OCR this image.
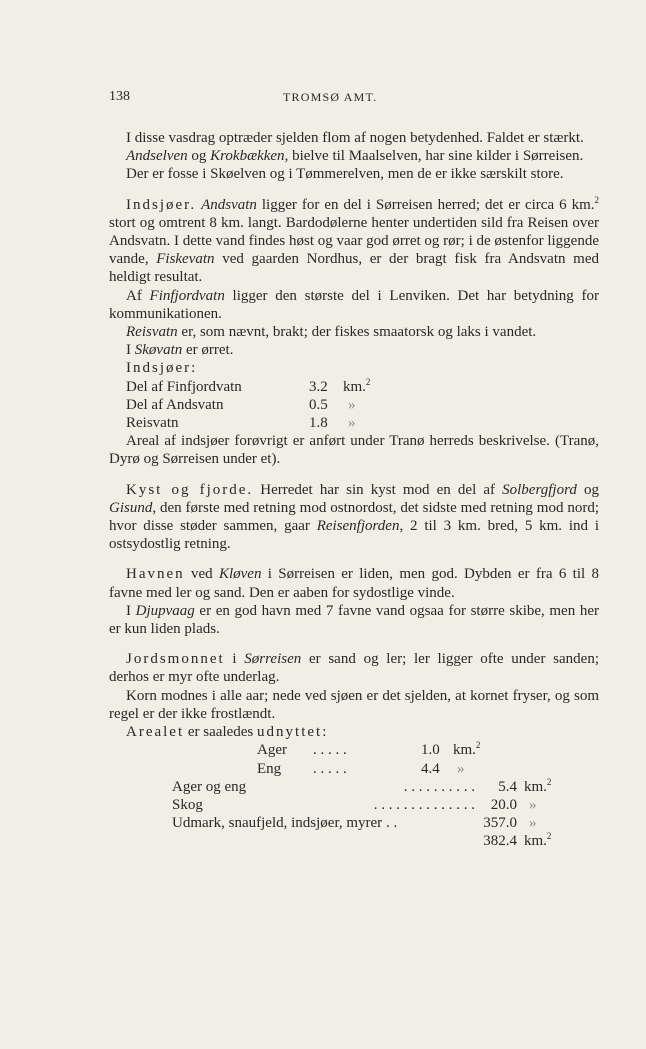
138	TROMSØ AMT.

I disse vasdrag optræder sjelden flom af nogen betydenhed. Faldet er stærkt.

Andselven og Krokbækken, bielve til Maalselven, har sine kilder i Sørreisen.

Der er fosse i Skøelven og i Tømmerelven, men de er ikke særskilt store.

Indsjøer. Andsvatn ligger for en del i Sørreisen herred; det er circa 6 km.$^2$ stort og omtrent 8 km. langt. Bardodølerne henter undertiden sild fra Reisen over Andsvatn. I dette vand findes høst og vaar god ørret og rør; i de østenfor liggende vande, Fiskevatn ved gaarden Nordhus, er der bragt fisk fra Andsvatn med heldigt resultat.

Af Finfjordvatn ligger den største del i Lenviken. Det har betydning for kommunikationen.

Reisvatn er, som nævnt, brakt; der fiskes smaatorsk og laks i vandet.

I Skøvatn er ørret.

Indsjøer:

Del af Finfjordvatn	3.2	km.$^2$
Del af Andsvatn	0.5	»
Reisvatn	1.8	»

Areal af indsjøer forøvrigt er anført under Tranø herreds beskrivelse. (Tranø, Dyrø og Sørreisen under et).

Kyst og fjorde. Herredet har sin kyst mod en del af Solbergfjord og Gisund, den første med retning mod ostnordost, det sidste med retning mod nord; hvor disse støder sammen, gaar Reisenfjorden, 2 til 3 km. bred, 5 km. ind i ostsydostlig retning.

Havnen ved Kløven i Sørreisen er liden, men god. Dybden er fra 6 til 8 favne med ler og sand. Den er aaben for sydostlige vinde.

I Djupvaag er en god havn med 7 favne vand ogsaa for større skibe, men her er kun liden plads.

Jordsmonnet i Sørreisen er sand og ler; ler ligger ofte under sanden; derhos er myr ofte underlag.

Korn modnes i alle aar; nede ved sjøen er det sjelden, at kornet fryser, og som regel er der ikke frostlændt.

Arealet er saaledes udnyttet:

Ager	. . . . .	1.0	km.$^2$
Eng	. . . . .	4.4	»
Ager og eng	. . . . . . . . . .	5.4	km.$^2$
Skog	. . . . . . . . . . . . . .	20.0	»
Udmark, snaufjeld, indsjøer, myrer . .		357.0	»
		382.4	km.$^2$
